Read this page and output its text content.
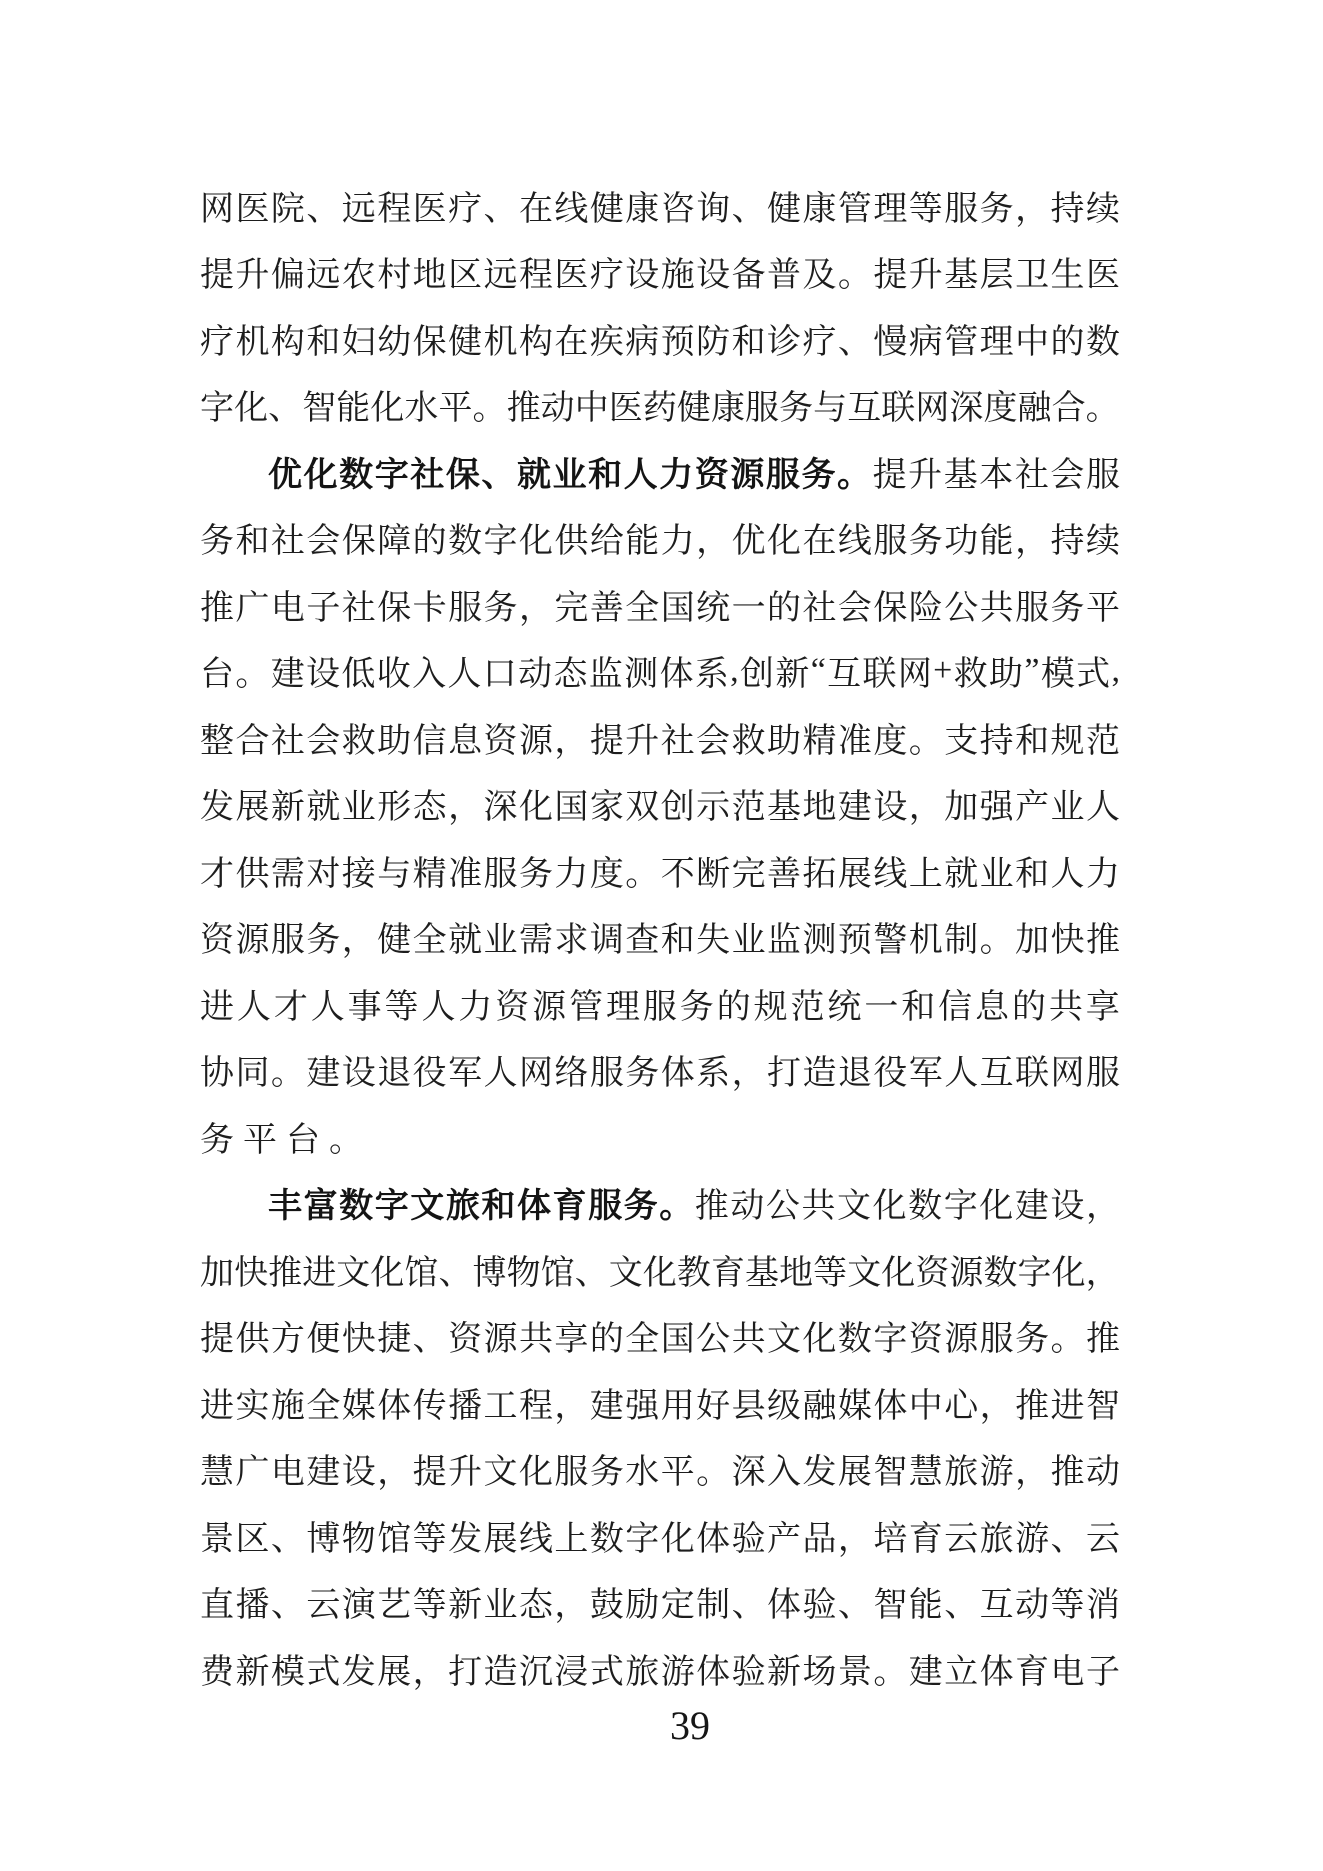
网 医 院 、 远 程 医 疗 、 在 线 健 康 咨 询 、 健 康 管 理 等 服 务 ， 持 续
提 升 偏 远 农 村 地 区 远 程 医 疗 设 施 设 备 普 及 。 提 升 基 层 卫 生 医
疗 机 构 和 妇 幼 保 健 机 构 在 疾 病 预 防 和 诊 疗 、 慢 病 管 理 中 的 数
字 化 、 智 能 化 水 平 。 推 动 中 医 药 健 康 服 务 与 互 联 网 深 度 融 合 。
优 化 数 字 社 保 、 就 业 和 人 力 资 源 服 务 。 提 升 基 本 社 会 服
务 和 社 会 保 障 的 数 字 化 供 给 能 力 ， 优 化 在 线 服 务 功 能 ， 持 续
推 广 电 子 社 保 卡 服 务 ， 完 善 全 国 统 一 的 社 会 保 险 公 共 服 务 平
台 。 建 设 低 收 入 人 口 动 态 监 测 体 系 , 创 新 “ 互 联 网 + 救 助 ” 模 式 ,
整 合 社 会 救 助 信 息 资 源 ， 提 升 社 会 救 助 精 准 度 。 支 持 和 规 范
发 展 新 就 业 形 态 ， 深 化 国 家 双 创 示 范 基 地 建 设 ， 加 强 产 业 人
才 供 需 对 接 与 精 准 服 务 力 度 。 不 断 完 善 拓 展 线 上 就 业 和 人 力
资 源 服 务 ， 健 全 就 业 需 求 调 查 和 失 业 监 测 预 警 机 制 。 加 快 推
进 人 才 人 事 等 人 力 资 源 管 理 服 务 的 规 范 统 一 和 信 息 的 共 享
协 同 。 建 设 退 役 军 人 网 络 服 务 体 系 ， 打 造 退 役 军 人 互 联 网 服
务 平 台 。
丰 富 数 字 文 旅 和 体 育 服 务 。 推 动 公 共 文 化 数 字 化 建 设 ，
加 快 推 进 文 化 馆 、 博 物 馆 、 文 化 教 育 基 地 等 文 化 资 源 数 字 化 ，
提 供 方 便 快 捷 、 资 源 共 享 的 全 国 公 共 文 化 数 字 资 源 服 务 。 推
进 实 施 全 媒 体 传 播 工 程 ， 建 强 用 好 县 级 融 媒 体 中 心 ， 推 进 智
慧 广 电 建 设 ， 提 升 文 化 服 务 水 平 。 深 入 发 展 智 慧 旅 游 ， 推 动
景 区 、 博 物 馆 等 发 展 线 上 数 字 化 体 验 产 品 ， 培 育 云 旅 游 、 云
直 播 、 云 演 艺 等 新 业 态 ， 鼓 励 定 制 、 体 验 、 智 能 、 互 动 等 消
费 新 模 式 发 展 ， 打 造 沉 浸 式 旅 游 体 验 新 场 景 。 建 立 体 育 电 子
39
